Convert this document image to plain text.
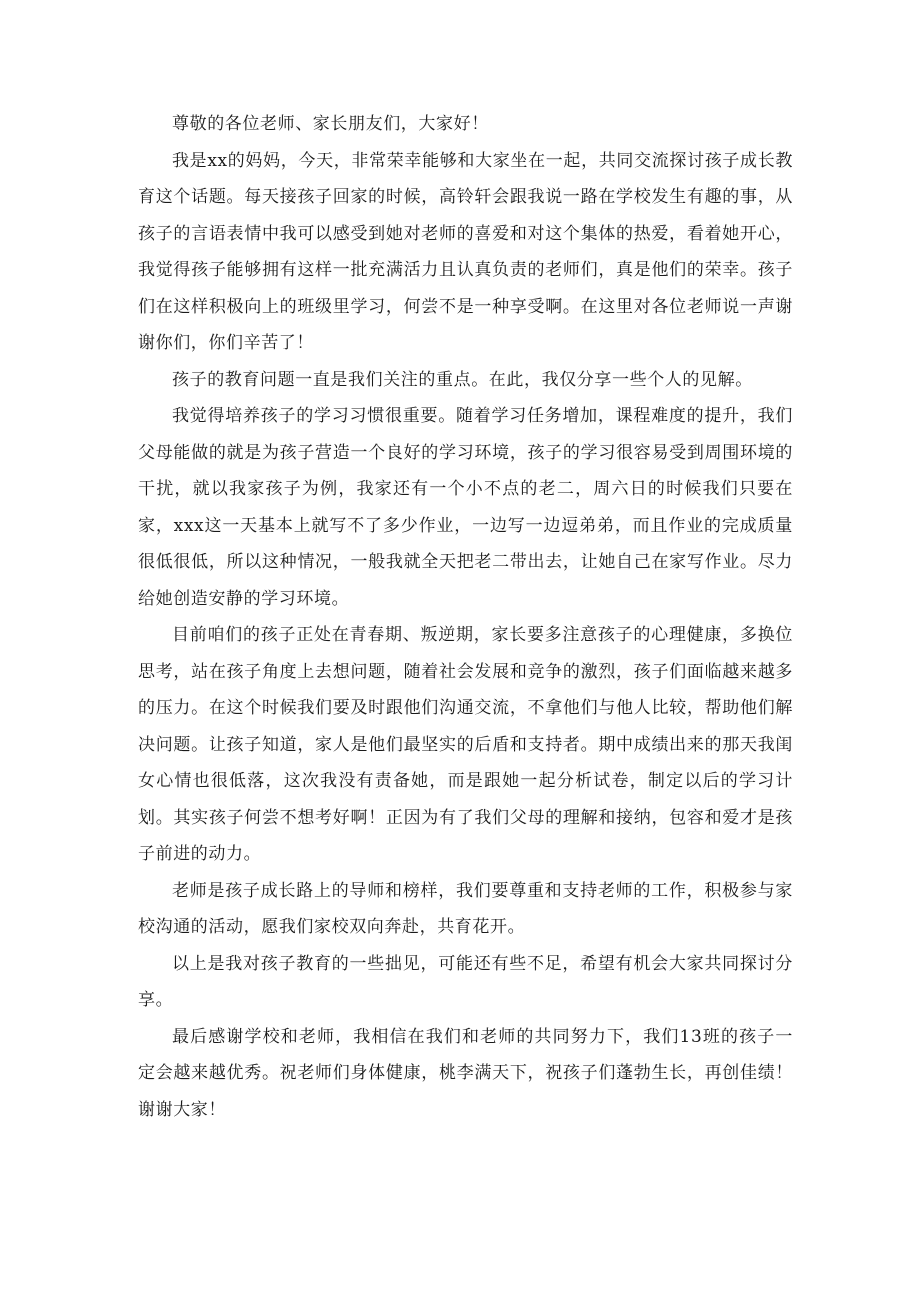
尊敬的各位老师、家长朋友们，大家好！

我是xx的妈妈，今天，非常荣幸能够和大家坐在一起，共同交流探讨孩子成长教育这个话题。每天接孩子回家的时候，高铃轩会跟我说一路在学校发生有趣的事，从孩子的言语表情中我可以感受到她对老师的喜爱和对这个集体的热爱，看着她开心，我觉得孩子能够拥有这样一批充满活力且认真负责的老师们，真是他们的荣幸。孩子们在这样积极向上的班级里学习，何尝不是一种享受啊。在这里对各位老师说一声谢谢你们，你们辛苦了！

孩子的教育问题一直是我们关注的重点。在此，我仅分享一些个人的见解。

我觉得培养孩子的学习习惯很重要。随着学习任务增加，课程难度的提升，我们父母能做的就是为孩子营造一个良好的学习环境，孩子的学习很容易受到周围环境的干扰，就以我家孩子为例，我家还有一个小不点的老二，周六日的时候我们只要在家，xxx这一天基本上就写不了多少作业，一边写一边逗弟弟，而且作业的完成质量很低很低，所以这种情况，一般我就全天把老二带出去，让她自己在家写作业。尽力给她创造安静的学习环境。

目前咱们的孩子正处在青春期、叛逆期，家长要多注意孩子的心理健康，多换位思考，站在孩子角度上去想问题，随着社会发展和竞争的激烈，孩子们面临越来越多的压力。在这个时候我们要及时跟他们沟通交流，不拿他们与他人比较，帮助他们解决问题。让孩子知道，家人是他们最坚实的后盾和支持者。期中成绩出来的那天我闺女心情也很低落，这次我没有责备她，而是跟她一起分析试卷，制定以后的学习计划。其实孩子何尝不想考好啊！正因为有了我们父母的理解和接纳，包容和爱才是孩子前进的动力。

老师是孩子成长路上的导师和榜样，我们要尊重和支持老师的工作，积极参与家校沟通的活动，愿我们家校双向奔赴，共育花开。

以上是我对孩子教育的一些拙见，可能还有些不足，希望有机会大家共同探讨分享。

最后感谢学校和老师，我相信在我们和老师的共同努力下，我们13班的孩子一定会越来越优秀。祝老师们身体健康，桃李满天下，祝孩子们蓬勃生长，再创佳绩！谢谢大家！
